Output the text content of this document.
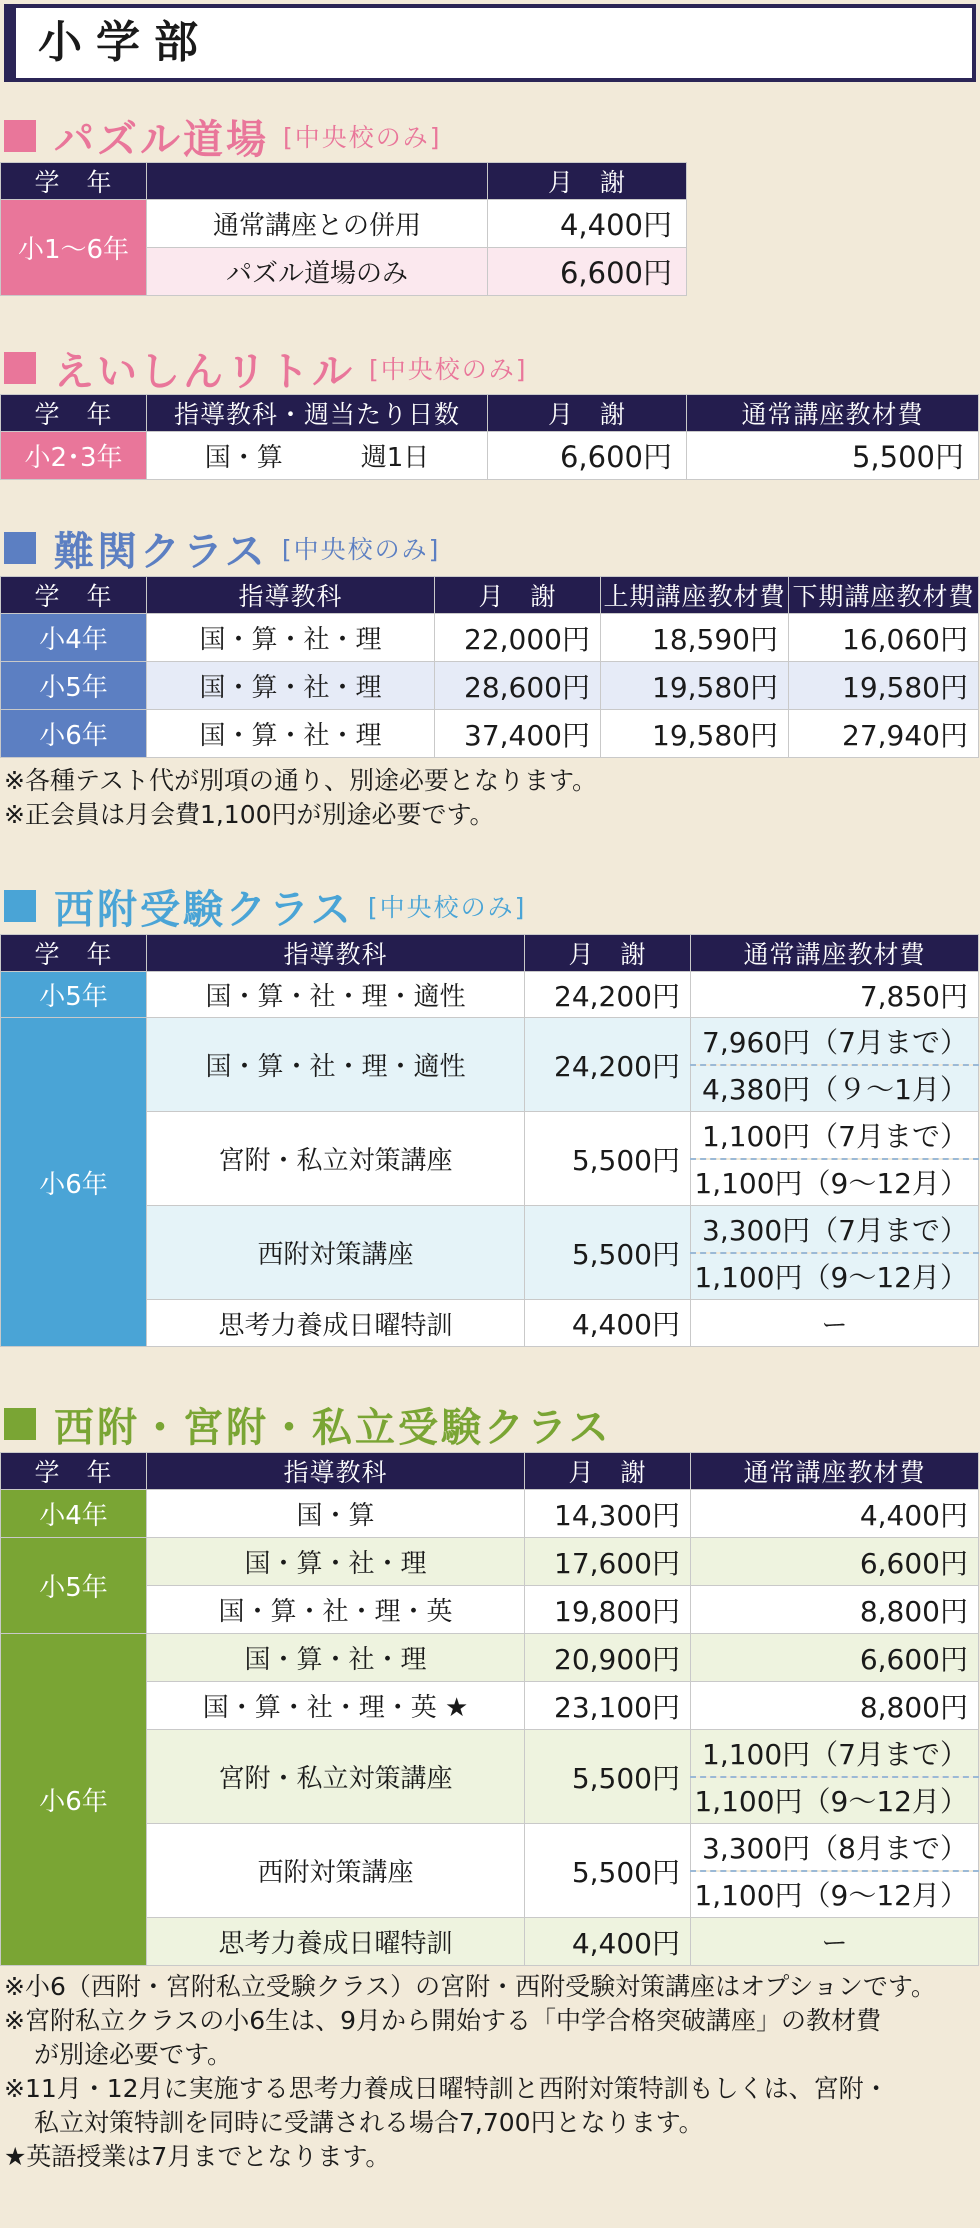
小学部
パズル道場 [中央校のみ]
学　年		月　謝
小1〜6年	通常講座との併用	4,400円
	パズル道場のみ	6,600円
えいしんリトル [中央校のみ]
学　年	指導教科・週当たり日数	月　謝	通常講座教材費
小2･3年	国・算　　　週1日	6,600円	5,500円
難関クラス [中央校のみ]
学　年	指導教科	月　謝	上期講座教材費	下期講座教材費
小4年	国・算・社・理	22,000円	18,590円	16,060円
小5年	国・算・社・理	28,600円	19,580円	19,580円
小6年	国・算・社・理	37,400円	19,580円	27,940円
※各種テスト代が別項の通り、別途必要となります。
※正会員は月会費1,100円が別途必要です。
西附受験クラス [中央校のみ]
学　年	指導教科	月　謝	通常講座教材費
小5年	国・算・社・理・適性	24,200円	7,850円
小6年	国・算・社・理・適性	24,200円	7,960円（7月まで）
			4,380円（９〜1月）
	宮附・私立対策講座	5,500円	1,100円（7月まで）
			1,100円（9〜12月）
	西附対策講座	5,500円	3,300円（7月まで）
			1,100円（9〜12月）
	思考力養成日曜特訓	4,400円	ー
西附・宮附・私立受験クラス
学　年	指導教科	月　謝	通常講座教材費
小4年	国・算	14,300円	4,400円
小5年	国・算・社・理	17,600円	6,600円
	国・算・社・理・英	19,800円	8,800円
小6年	国・算・社・理	20,900円	6,600円
	国・算・社・理・英 ★	23,100円	8,800円
	宮附・私立対策講座	5,500円	1,100円（7月まで）
			1,100円（9〜12月）
	西附対策講座	5,500円	3,300円（8月まで）
			1,100円（9〜12月）
	思考力養成日曜特訓	4,400円	ー
※小6（西附・宮附私立受験クラス）の宮附・西附受験対策講座はオプションです。
※宮附私立クラスの小6生は、9月から開始する「中学合格突破講座」の教材費
が別途必要です。
※11月・12月に実施する思考力養成日曜特訓と西附対策特訓もしくは、宮附・
私立対策特訓を同時に受講される場合7,700円となります。
★英語授業は7月までとなります。
